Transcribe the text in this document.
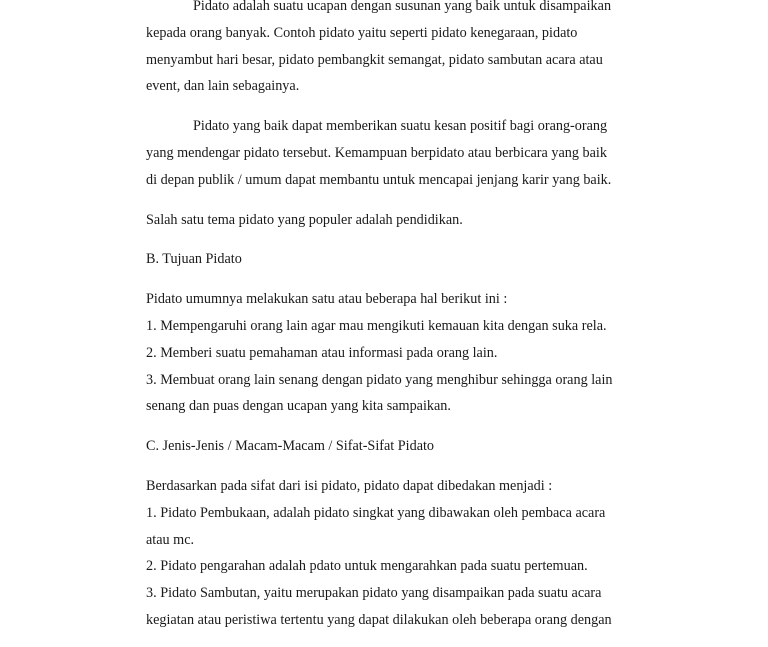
Pidato adalah suatu ucapan dengan susunan yang baik untuk disampaikan
kepada orang banyak. Contoh pidato yaitu seperti pidato kenegaraan, pidato
menyambut hari besar, pidato pembangkit semangat, pidato sambutan acara atau
event, dan lain sebagainya.

Pidato yang baik dapat memberikan suatu kesan positif bagi orang-orang
yang mendengar pidato tersebut. Kemampuan berpidato atau berbicara yang baik
di depan publik / umum dapat membantu untuk mencapai jenjang karir yang baik.

Salah satu tema pidato yang populer adalah pendidikan.

B. Tujuan Pidato

Pidato umumnya melakukan satu atau beberapa hal berikut ini :
1. Mempengaruhi orang lain agar mau mengikuti kemauan kita dengan suka rela.
2. Memberi suatu pemahaman atau informasi pada orang lain.
3. Membuat orang lain senang dengan pidato yang menghibur sehingga orang lain
senang dan puas dengan ucapan yang kita sampaikan.

C. Jenis-Jenis / Macam-Macam / Sifat-Sifat Pidato

Berdasarkan pada sifat dari isi pidato, pidato dapat dibedakan menjadi :
1. Pidato Pembukaan, adalah pidato singkat yang dibawakan oleh pembaca acara
atau mc.
2. Pidato pengarahan adalah pdato untuk mengarahkan pada suatu pertemuan.
3. Pidato Sambutan, yaitu merupakan pidato yang disampaikan pada suatu acara
kegiatan atau peristiwa tertentu yang dapat dilakukan oleh beberapa orang dengan
